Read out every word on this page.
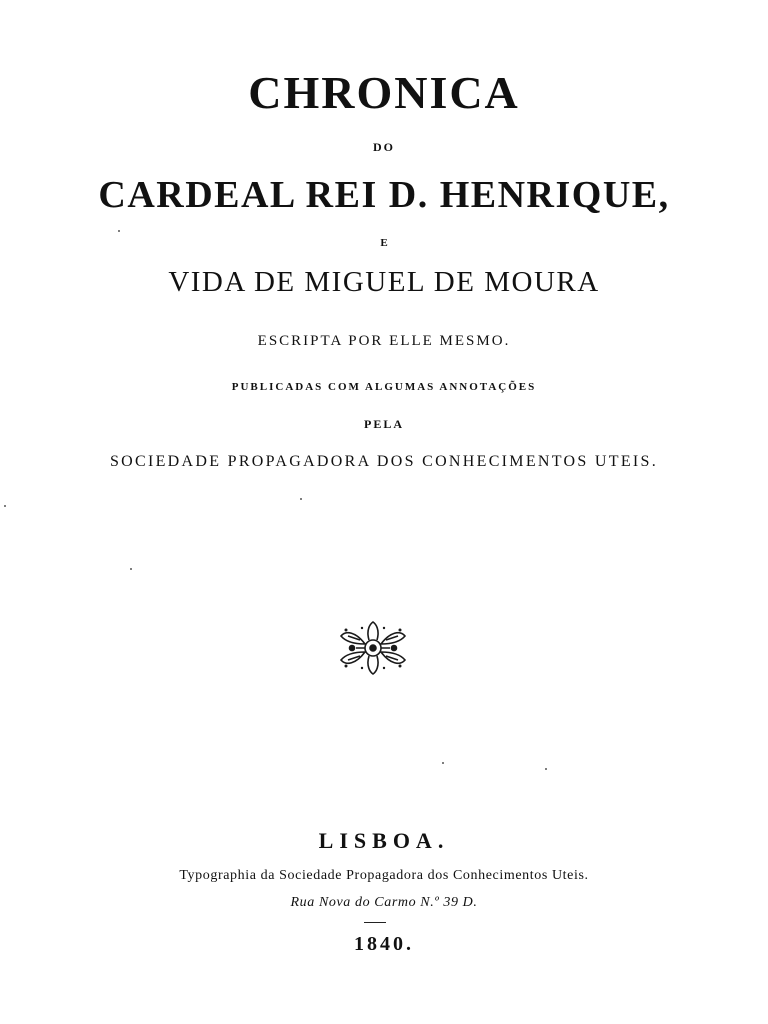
CHRONICA
DO
CARDEAL REI D. HENRIQUE,
E
VIDA DE MIGUEL DE MOURA
ESCRIPTA POR ELLE MESMO.
PUBLICADAS COM ALGUMAS ANNOTAÇÕES
PELA
SOCIEDADE PROPAGADORA DOS CONHECIMENTOS UTEIS.
LISBOA.
Typographia da Sociedade Propagadora dos Conhecimentos Uteis.
Rua Nova do Carmo N.º 39 D.
1840.
